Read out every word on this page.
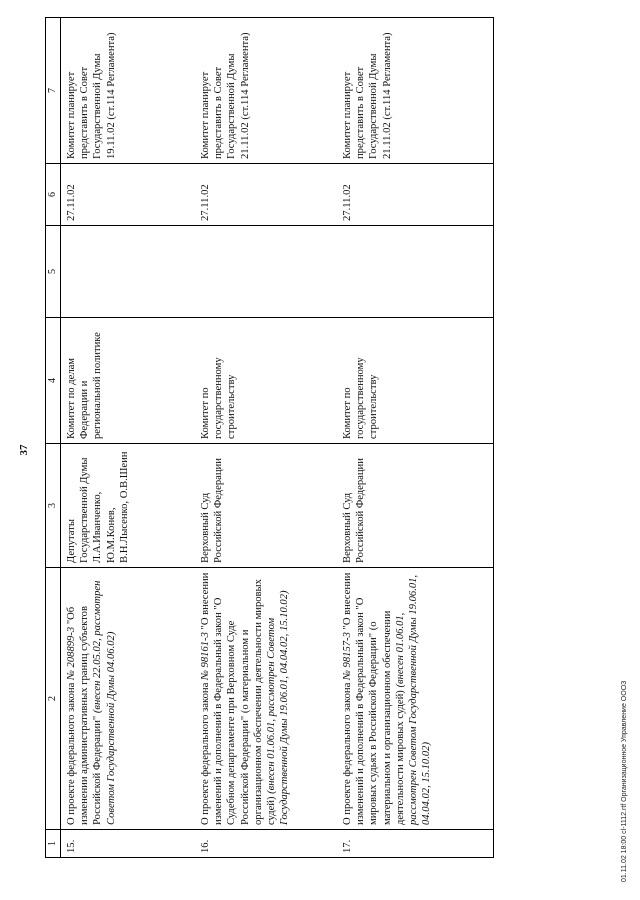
37
1	2	3	4	5	6	7
15.	О проекте федерального закона № 208899-3 "Об изменении административных границ субъектов Российской Федерации" (внесен 22.05.02, рассмотрен Советом Государственной Думы 04.06.02)	Депутаты Государственной Думы Л.А.Иванченко, Ю.М.Конев, В.Н.Лысенко, О.В.Шеин	Комитет по делам Федерации и региональной политике		27.11.02	Комитет планирует представить в Совет Государственной Думы 19.11.02 (ст.114 Регламента)
16.	О проекте федерального закона № 98161-3 "О внесении изменений и дополнений в Федеральный закон "О Судебном департаменте при Верховном Суде Российской Федерации" (о материальном и организационном обеспечении деятельности мировых судей) (внесен 01.06.01, рассмотрен Советом Государственной Думы 19.06.01, 04.04.02, 15.10.02)	Верховный Суд Российской Федерации	Комитет по государственному строительству		27.11.02	Комитет планирует представить в Совет Государственной Думы 21.11.02 (ст.114 Регламента)
17.	О проекте федерального закона № 98157-3 "О внесении изменений и дополнений в Федеральный закон "О мировых судьях в Российской Федерации" (о материальном и организационном обеспечении деятельности мировых судей) (внесен 01.06.01, рассмотрен Советом Государственной Думы 19.06.01, 04.04.02, 15.10.02)	Верховный Суд Российской Федерации	Комитет по государственному строительству		27.11.02	Комитет планирует представить в Совет Государственной Думы 21.11.02 (ст.114 Регламента)
01.11.02 18:00 cl-1112.rtf Организационное Управление ОООЗ
